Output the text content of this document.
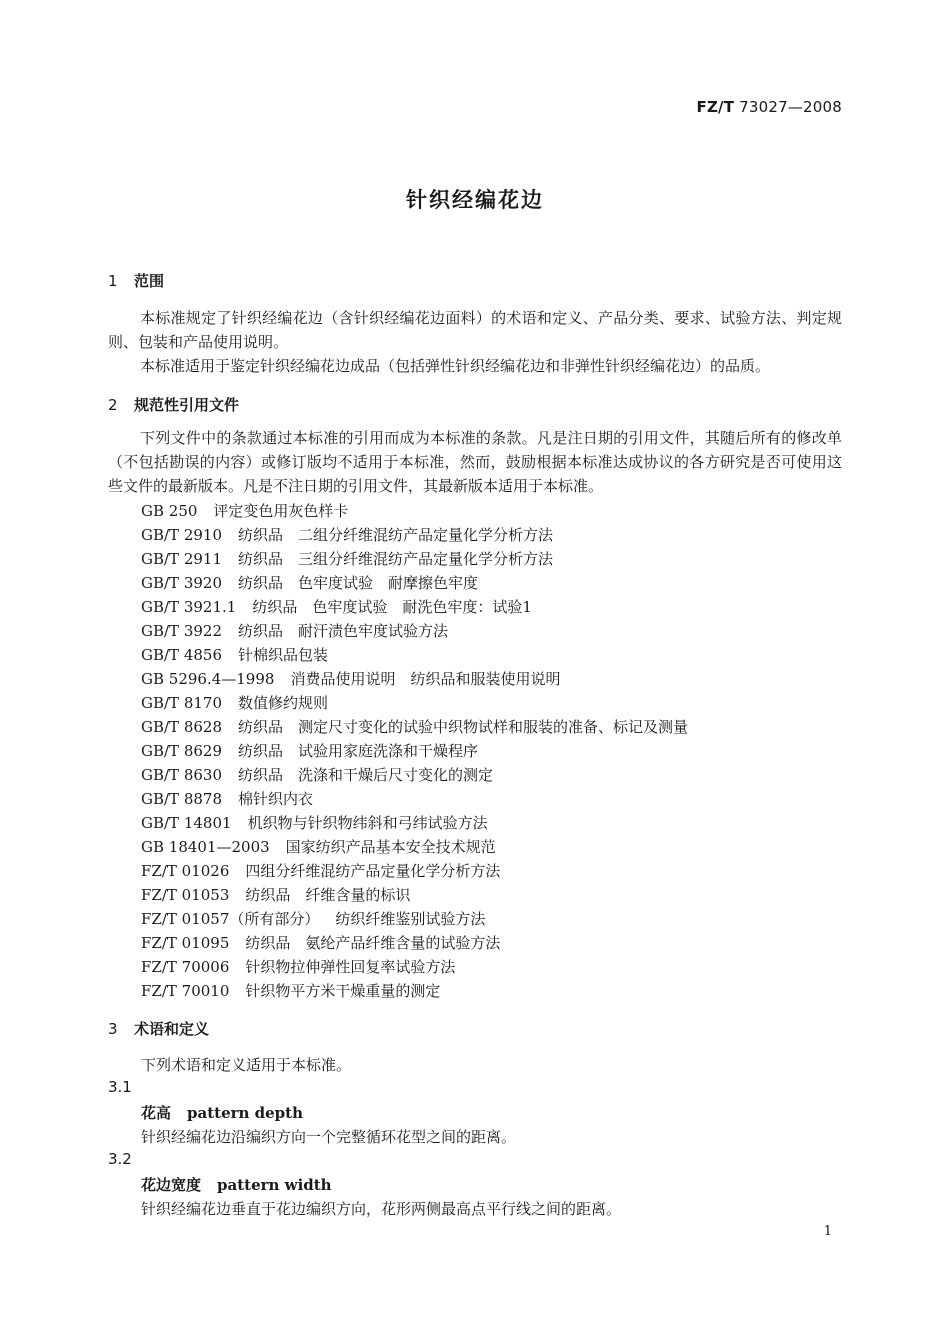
FZ/T 73027—2008
针织经编花边
1 范围
本标准规定了针织经编花边（含针织经编花边面料）的术语和定义、产品分类、要求、试验方法、判定规则、包装和产品使用说明。
本标准适用于鉴定针织经编花边成品（包括弹性针织经编花边和非弹性针织经编花边）的品质。
2 规范性引用文件
下列文件中的条款通过本标准的引用而成为本标准的条款。凡是注日期的引用文件，其随后所有的修改单（不包括勘误的内容）或修订版均不适用于本标准，然而，鼓励根据本标准达成协议的各方研究是否可使用这些文件的最新版本。凡是不注日期的引用文件，其最新版本适用于本标准。
GB 250 评定变色用灰色样卡
GB/T 2910 纺织品　二组分纤维混纺产品定量化学分析方法
GB/T 2911 纺织品　三组分纤维混纺产品定量化学分析方法
GB/T 3920 纺织品　色牢度试验　耐摩擦色牢度
GB/T 3921.1 纺织品　色牢度试验　耐洗色牢度：试验1
GB/T 3922 纺织品　耐汗渍色牢度试验方法
GB/T 4856 针棉织品包装
GB 5296.4—1998 消费品使用说明　纺织品和服装使用说明
GB/T 8170 数值修约规则
GB/T 8628 纺织品　测定尺寸变化的试验中织物试样和服装的准备、标记及测量
GB/T 8629 纺织品　试验用家庭洗涤和干燥程序
GB/T 8630 纺织品　洗涤和干燥后尺寸变化的测定
GB/T 8878 棉针织内衣
GB/T 14801 机织物与针织物纬斜和弓纬试验方法
GB 18401—2003 国家纺织产品基本安全技术规范
FZ/T 01026 四组分纤维混纺产品定量化学分析方法
FZ/T 01053 纺织品　纤维含量的标识
FZ/T 01057（所有部分） 纺织纤维鉴别试验方法
FZ/T 01095 纺织品　氨纶产品纤维含量的试验方法
FZ/T 70006 针织物拉伸弹性回复率试验方法
FZ/T 70010 针织物平方米干燥重量的测定
3 术语和定义
下列术语和定义适用于本标准。
3.1
花高 pattern depth
针织经编花边沿编织方向一个完整循环花型之间的距离。
3.2
花边宽度 pattern width
针织经编花边垂直于花边编织方向，花形两侧最高点平行线之间的距离。
1
